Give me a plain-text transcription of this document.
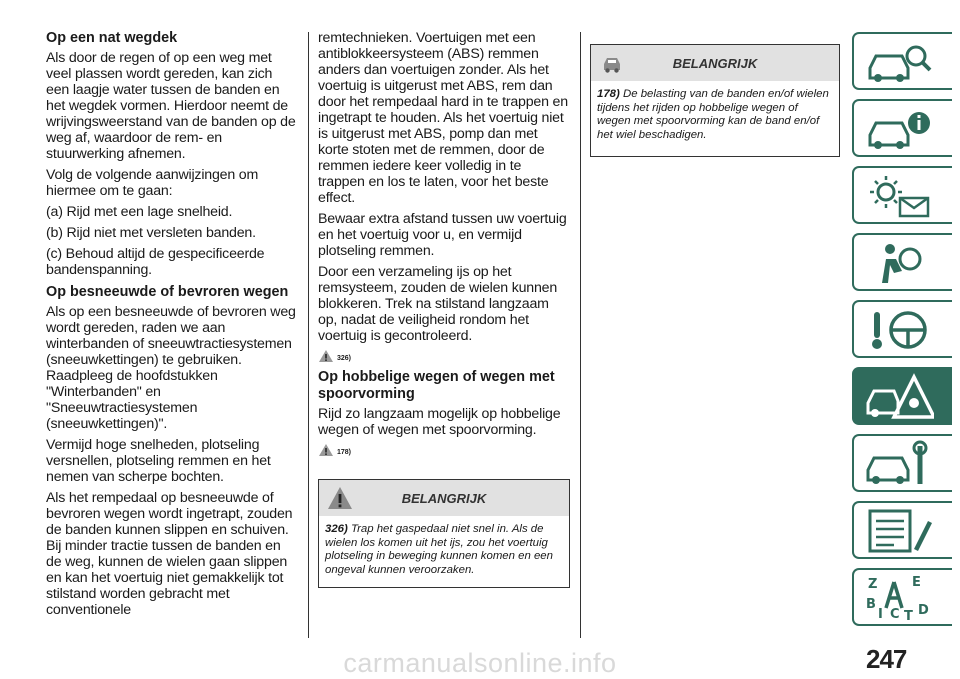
Op een nat wegdek

Als door de regen of op een weg met veel plassen wordt gereden, kan zich een laagje water tussen de banden en het wegdek vormen. Hierdoor neemt de wrijvingsweerstand van de banden op de weg af, waardoor de rem- en stuurwerking afnemen.

Volg de volgende aanwijzingen om hiermee om te gaan:

(a) Rijd met een lage snelheid.

(b) Rijd niet met versleten banden.

(c) Behoud altijd de gespecificeerde bandenspanning.

Op besneeuwde of bevroren wegen

Als op een besneeuwde of bevroren weg wordt gereden, raden we aan winterbanden of sneeuwtractiesystemen (sneeuwkettingen) te gebruiken. Raadpleeg de hoofdstukken "Winterbanden" en "Sneeuwtractiesystemen (sneeuwkettingen)".

Vermijd hoge snelheden, plotseling versnellen, plotseling remmen en het nemen van scherpe bochten.

Als het rempedaal op besneeuwde of bevroren wegen wordt ingetrapt, zouden de banden kunnen slippen en schuiven. Bij minder tractie tussen de banden en de weg, kunnen de wielen gaan slippen en kan het voertuig niet gemakkelijk tot stilstand worden gebracht met conventionele

remtechnieken. Voertuigen met een antiblokkeersysteem (ABS) remmen anders dan voertuigen zonder. Als het voertuig is uitgerust met ABS, rem dan door het rempedaal hard in te trappen en ingetrapt te houden. Als het voertuig niet is uitgerust met ABS, pomp dan met korte stoten met de remmen, door de remmen iedere keer volledig in te trappen en los te laten, voor het beste effect.

Bewaar extra afstand tussen uw voertuig en het voertuig voor u, en vermijd plotseling remmen.

Door een verzameling ijs op het remsysteem, zouden de wielen kunnen blokkeren. Trek na stilstand langzaam op, nadat de veiligheid rondom het voertuig is gecontroleerd.

326)
Op hobbelige wegen of wegen met spoorvorming

Rijd zo langzaam mogelijk op hobbelige wegen of wegen met spoorvorming.

178)
BELANGRIJK
326) Trap het gaspedaal niet snel in. Als de wielen los komen uit het ijs, zou het voertuig plotseling in beweging kunnen komen en een ongeval kunnen veroorzaken.
BELANGRIJK
178) De belasting van de banden en/of wielen tijdens het rijden op hobbelige wegen of wegen met spoorvorming kan de band en/of het wiel beschadigen.
Z	E
B
I C T D
247
carmanualsonline.info
